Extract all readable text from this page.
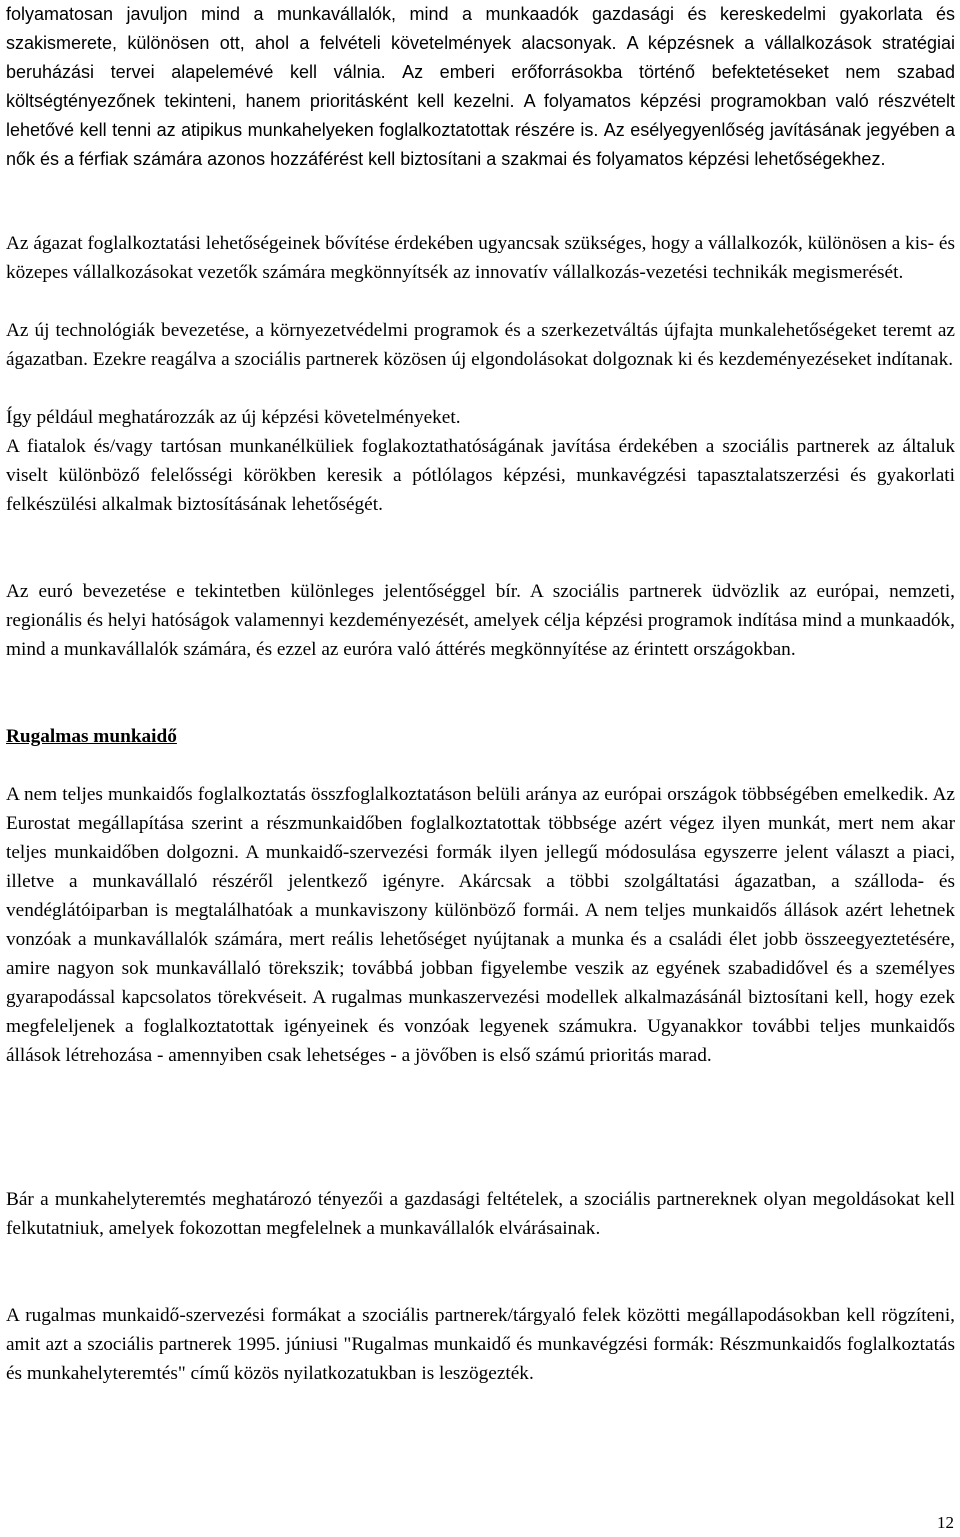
folyamatosan javuljon mind a munkavállalók, mind a munkaadók gazdasági és kereskedelmi gyakorlata és szakismerete, különösen ott, ahol a felvételi követelmények alacsonyak. A képzésnek a vállalkozások stratégiai beruházási tervei alapelemévé kell válnia. Az emberi erőforrásokba történő befektetéseket nem szabad költségtényezőnek tekinteni, hanem prioritásként kell kezelni. A folyamatos képzési programokban való részvételt lehetővé kell tenni az atipikus munkahelyeken foglalkoztatottak részére is. Az esélyegyenlőség javításának jegyében a nők és a férfiak számára azonos hozzáférést kell biztosítani a szakmai és folyamatos képzési lehetőségekhez.

Az ágazat foglalkoztatási lehetőségeinek bővítése érdekében ugyancsak szükséges, hogy a vállalkozók, különösen a kis- és közepes vállalkozásokat vezetők számára megkönnyítsék az innovatív vállalkozás-vezetési technikák megismerését.

Az új technológiák bevezetése, a környezetvédelmi programok és a szerkezetváltás újfajta munkalehetőségeket teremt az ágazatban. Ezekre reagálva a szociális partnerek közösen új elgondolásokat dolgoznak ki és kezdeményezéseket indítanak.

Így például meghatározzák az új képzési követelményeket.

A fiatalok és/vagy tartósan munkanélküliek foglakoztathatóságának javítása érdekében a szociális partnerek az általuk viselt különböző felelősségi körökben keresik a pótlólagos képzési, munkavégzési tapasztalatszerzési és gyakorlati felkészülési alkalmak biztosításának lehetőségét.

Az euró bevezetése e tekintetben különleges jelentőséggel bír. A szociális partnerek üdvözlik az európai, nemzeti, regionális és helyi hatóságok valamennyi kezdeményezését, amelyek célja képzési programok indítása mind a munkaadók, mind a munkavállalók számára, és ezzel az euróra való áttérés megkönnyítése az érintett országokban.

Rugalmas munkaidő

A nem teljes munkaidős foglalkoztatás összfoglalkoztatáson belüli aránya az európai országok többségében emelkedik. Az Eurostat megállapítása szerint a részmunkaidőben foglalkoztatottak többsége azért végez ilyen munkát, mert nem akar teljes munkaidőben dolgozni. A munkaidő-szervezési formák ilyen jellegű módosulása egyszerre jelent választ a piaci, illetve a munkavállaló részéről jelentkező igényre. Akárcsak a többi szolgáltatási ágazatban, a szálloda- és vendéglátóiparban is megtalálhatóak a munkaviszony különböző formái. A nem teljes munkaidős állások azért lehetnek vonzóak a munkavállalók számára, mert reális lehetőséget nyújtanak a munka és a családi élet jobb összeegyeztetésére, amire nagyon sok munkavállaló törekszik; továbbá jobban figyelembe veszik az egyének szabadidővel és a személyes gyarapodással kapcsolatos törekvéseit. A rugalmas munkaszervezési modellek alkalmazásánál biztosítani kell, hogy ezek megfeleljenek a foglalkoztatottak igényeinek és vonzóak legyenek számukra. Ugyanakkor további teljes munkaidős állások létrehozása - amennyiben csak lehetséges - a jövőben is első számú prioritás marad.

Bár a munkahelyteremtés meghatározó tényezői a gazdasági feltételek, a szociális partnereknek olyan megoldásokat kell felkutatniuk, amelyek fokozottan megfelelnek a munkavállalók elvárásainak.

A rugalmas munkaidő-szervezési formákat a szociális partnerek/tárgyaló felek közötti megállapodásokban kell rögzíteni, amit azt a szociális partnerek 1995. júniusi "Rugalmas munkaidő és munkavégzési formák: Részmunkaidős foglalkoztatás és munkahelyteremtés" című közös nyilatkozatukban is leszögezték.

12
